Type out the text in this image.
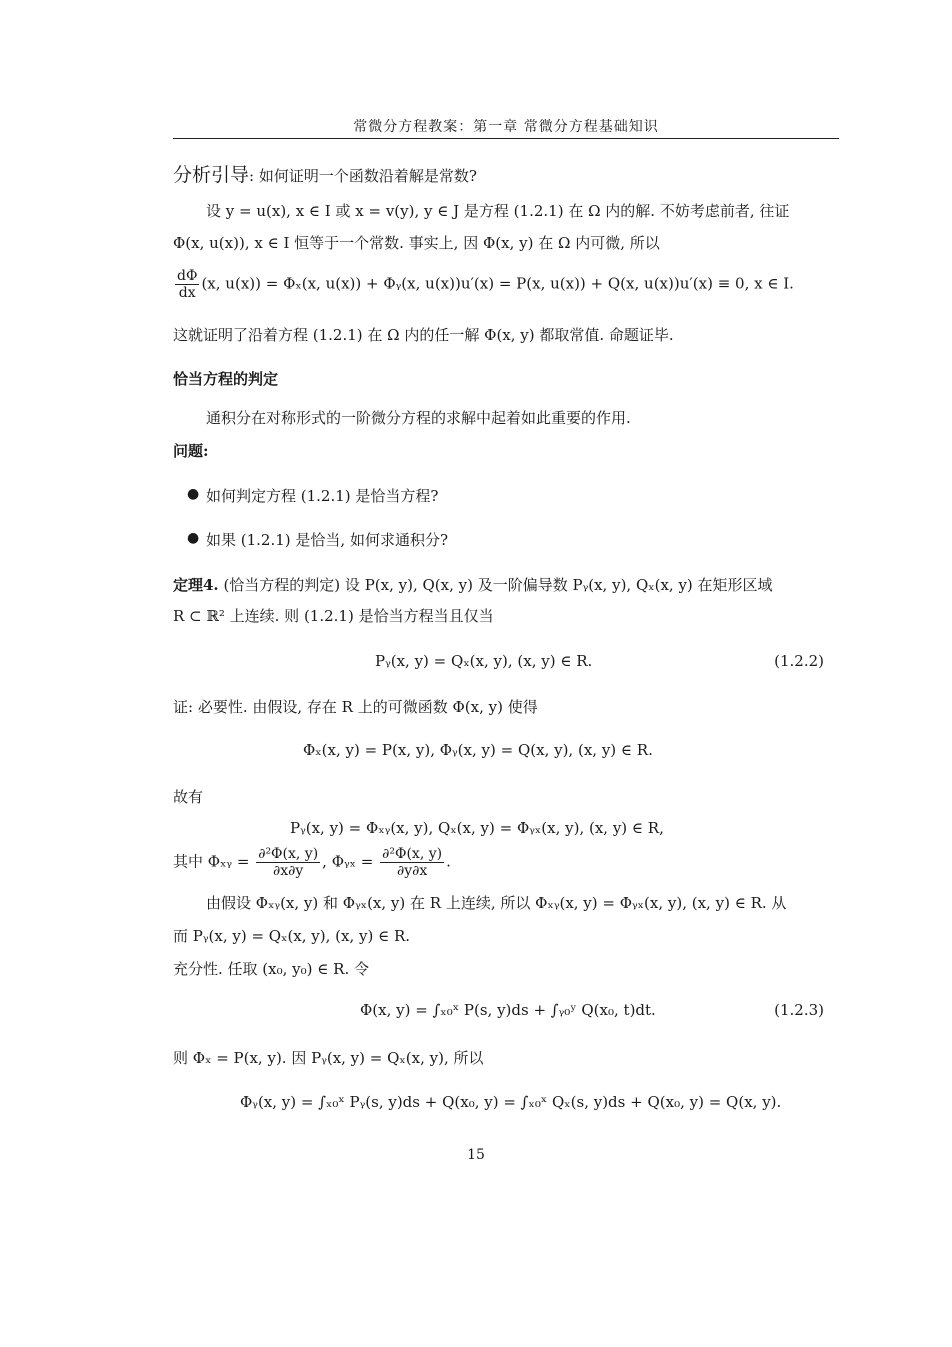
常微分方程教案：第一章 常微分方程基础知识
分析引导: 如何证明一个函数沿着解是常数?
设 y = u(x), x ∈ I 或 x = v(y), y ∈ J 是方程 (1.2.1) 在 Ω 内的解. 不妨考虑前者, 往证
Φ(x, u(x)), x ∈ I 恒等于一个常数. 事实上, 因 Φ(x, y) 在 Ω 内可微, 所以
$\frac{d\Phi}{dx} (x$, u(x)) = Φₓ(x, u(x)) + Φᵧ(x, u(x))u′(x) = P(x, u(x)) + Q(x, u(x))u′(x) ≡ 0, x ∈ I.
这就证明了沿着方程 (1.2.1) 在 Ω 内的任一解 Φ(x, y) 都取常值. 命题证毕.
恰当方程的判定
通积分在对称形式的一阶微分方程的求解中起着如此重要的作用.
问题:
● 如何判定方程 (1.2.1) 是恰当方程?
● 如果 (1.2.1) 是恰当, 如何求通积分?
定理4. (恰当方程的判定) 设 P(x, y), Q(x, y) 及一阶偏导数 Pᵧ(x, y), Qₓ(x, y) 在矩形区域
R ⊂ ℝ² 上连续. 则 (1.2.1) 是恰当方程当且仅当
Pᵧ(x, y) = Qₓ(x, y), (x, y) ∈ R.	(1.2.2)
证: 必要性. 由假设, 存在 R 上的可微函数 Φ(x, y) 使得
Φₓ(x, y) = P(x, y), Φᵧ(x, y) = Q(x, y), (x, y) ∈ R.
故有
Pᵧ(x, y) = Φₓᵧ(x, y), Qₓ(x, y) = Φᵧₓ(x, y), (x, y) ∈ R,
其中 Φₓᵧ = $\frac{\text{∂²Φ(x, y)}}{\partial x\partial y}$ , Φᵧₓ = $\frac{\text{∂²Φ(x, y)}}{\partial y\partial x}$ .
由假设 Φₓᵧ(x, y) 和 Φᵧₓ(x, y) 在 R 上连续, 所以 Φₓᵧ(x, y) = Φᵧₓ(x, y), (x, y) ∈ R. 从
而 Pᵧ(x, y) = Qₓ(x, y), (x, y) ∈ R.
充分性. 任取 (x₀, y₀) ∈ R. 令
Φ(x, y) = ∫ₓ₀ˣ P(s, y)ds + ∫ᵧ₀ʸ Q(x₀, t)dt.	(1.2.3)
则 Φₓ = P(x, y). 因 Pᵧ(x, y) = Qₓ(x, y), 所以
Φᵧ(x, y) = ∫ₓ₀ˣ Pᵧ(s, y)ds + Q(x₀, y) = ∫ₓ₀ˣ Qₓ(s, y)ds + Q(x₀, y) = Q(x, y).
15
